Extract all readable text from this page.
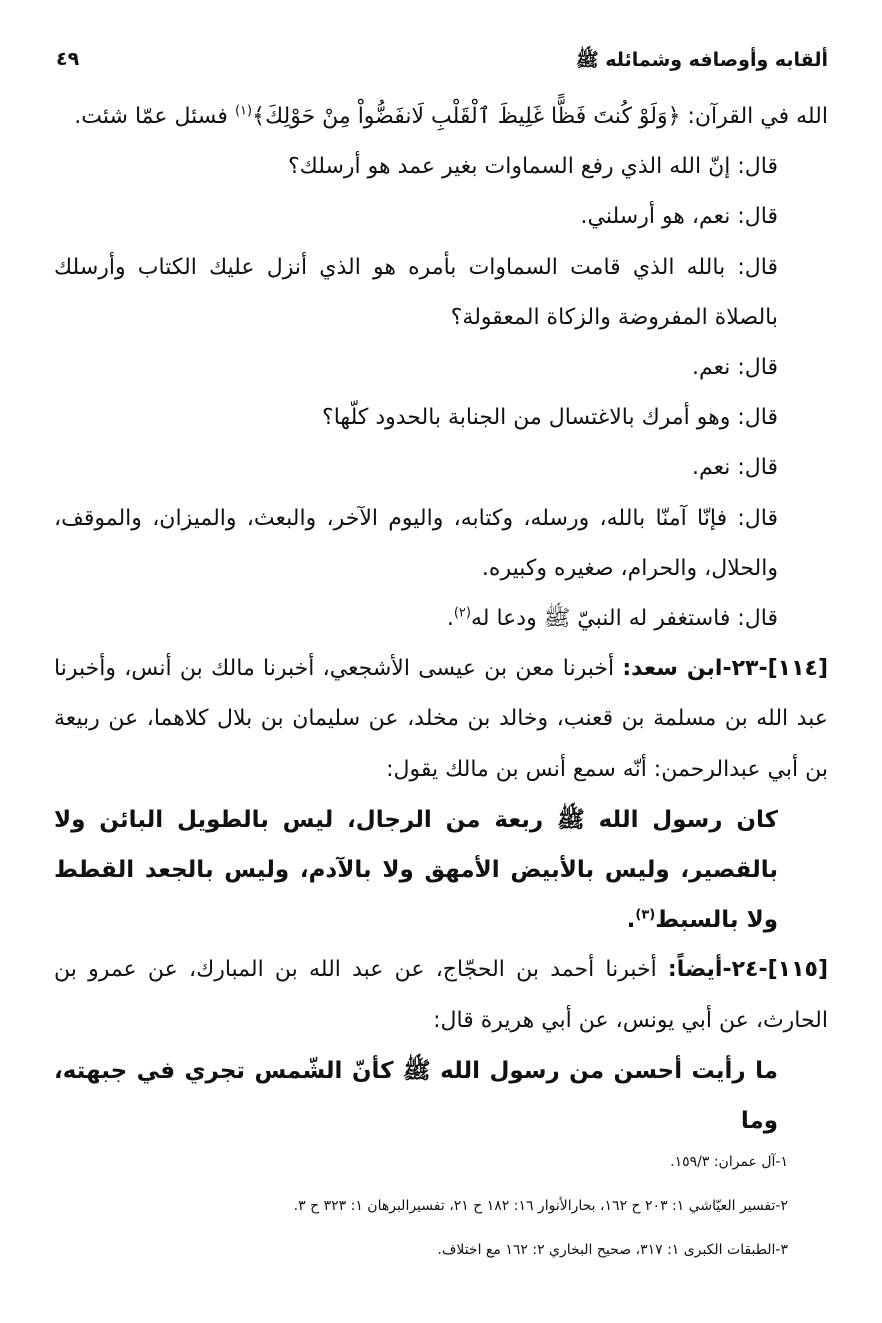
ألقابه وأوصافه وشمائله ﷺ
٤٩

الله في القرآن: ﴿وَلَوْ كُنتَ فَظًّا غَلِيظَ ٱلْقَلْبِ لَانفَضُّواْ مِنْ حَوْلِكَ﴾$^{(١)}$ فسئل عمّا شئت.

قال: إنّ الله الذي رفع السماوات بغير عمد هو أرسلك؟

قال: نعم، هو أرسلني.

قال: بالله الذي قامت السماوات بأمره هو الذي أنزل عليك الكتاب وأرسلك بالصلاة المفروضة والزكاة المعقولة؟

قال: نعم.

قال: وهو أمرك بالاغتسال من الجنابة بالحدود كلّها؟

قال: نعم.

قال: فإنّا آمنّا بالله، ورسله، وكتابه، واليوم الآخر، والبعث، والميزان، والموقف، والحلال، والحرام، صغيره وكبيره.

قال: فاستغفر له النبيّ ﷺ ودعا له$^{(٢)}$.

[١١٤]-٢٣-ابن سعد: أخبرنا معن بن عيسى الأشجعي، أخبرنا مالك بن أنس، وأخبرنا عبد الله بن مسلمة بن قعنب، وخالد بن مخلد، عن سليمان بن بلال كلاهما، عن ربيعة بن أبي عبدالرحمن: أنّه سمع أنس بن مالك يقول:

كان رسول الله ﷺ ربعة من الرجال، ليس بالطويل البائن ولا بالقصير، وليس بالأبيض الأمهق ولا بالآدم، وليس بالجعد القطط ولا بالسبط$^{(٣)}$.

[١١٥]-٢٤-أيضاً: أخبرنا أحمد بن الحجّاج، عن عبد الله بن المبارك، عن عمرو بن الحارث، عن أبي يونس، عن أبي هريرة قال:

ما رأيت أحسن من رسول الله ﷺ كأنّ الشّمس تجري في جبهته، وما

١-آل عمران: ١٥٩/٣.

٢-تفسير العيّاشي ١: ٢٠٣ ح ١٦٢، بحارالأنوار ١٦: ١٨٢ ح ٢١، تفسيرالبرهان ١: ٣٢٣ ح ٣.

٣-الطبقات الكبرى ١: ٣١٧، صحيح البخاري ٢: ١٦٢ مع اختلاف.
